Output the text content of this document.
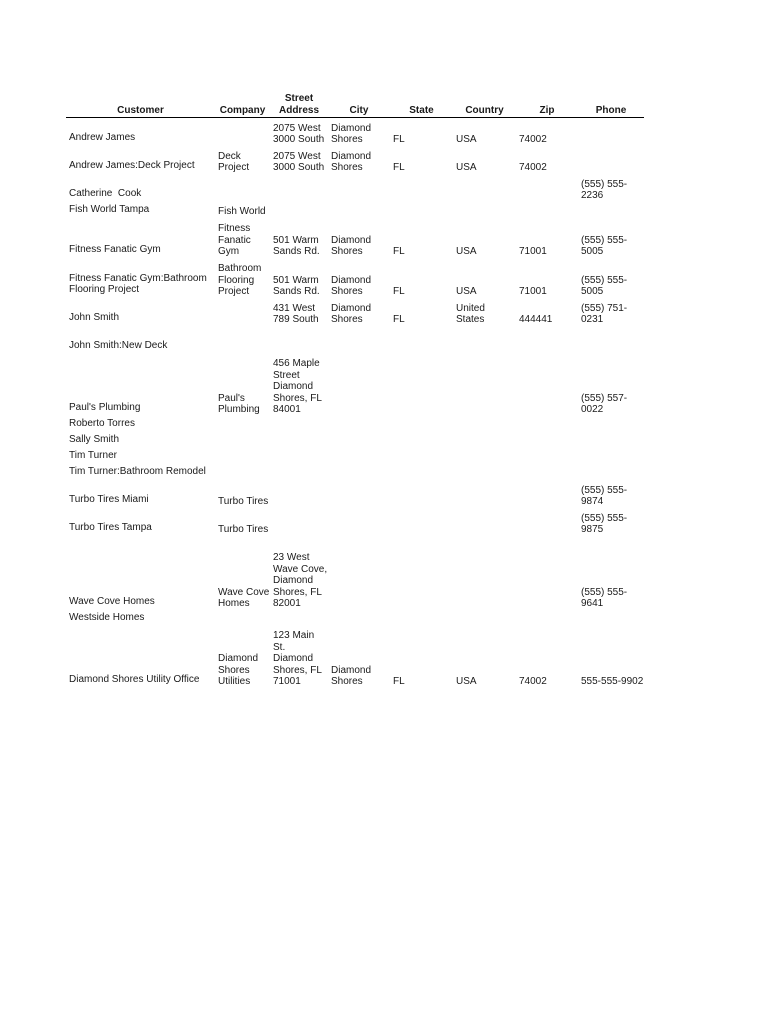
Customer	Company	Street Address	City	State	Country	Zip	Phone
Andrew James		2075 West 3000 South	Diamond Shores	FL	USA	74002	
Andrew James:Deck Project	Deck Project	2075 West 3000 South	Diamond Shores	FL	USA	74002	
Catherine  Cook							(555) 555-2236
Fish World Tampa	Fish World						
Fitness Fanatic Gym	Fitness Fanatic Gym	501 Warm Sands Rd.	Diamond Shores	FL	USA	71001	(555) 555-5005
Fitness Fanatic Gym:Bathroom Flooring Project	Bathroom Flooring Project	501 Warm Sands Rd.	Diamond Shores	FL	USA	71001	(555) 555-5005
John Smith		431 West 789 South	Diamond Shores	FL	United States	444441	(555) 751-0231
John Smith:New Deck							
Paul's Plumbing	Paul's Plumbing	456 Maple Street Diamond Shores, FL 84001					(555) 557-0022
Roberto Torres							
Sally Smith							
Tim Turner							
Tim Turner:Bathroom Remodel							
Turbo Tires Miami	Turbo Tires						(555) 555-9874
Turbo Tires Tampa	Turbo Tires						(555) 555-9875
Wave Cove Homes	Wave Cove Homes	23 West Wave Cove, Diamond Shores, FL 82001					(555) 555-9641
Westside Homes							
Diamond Shores Utility Office	Diamond Shores Utilities	123 Main St. Diamond Shores, FL 71001	Diamond Shores	FL	USA	74002	555-555-9902
